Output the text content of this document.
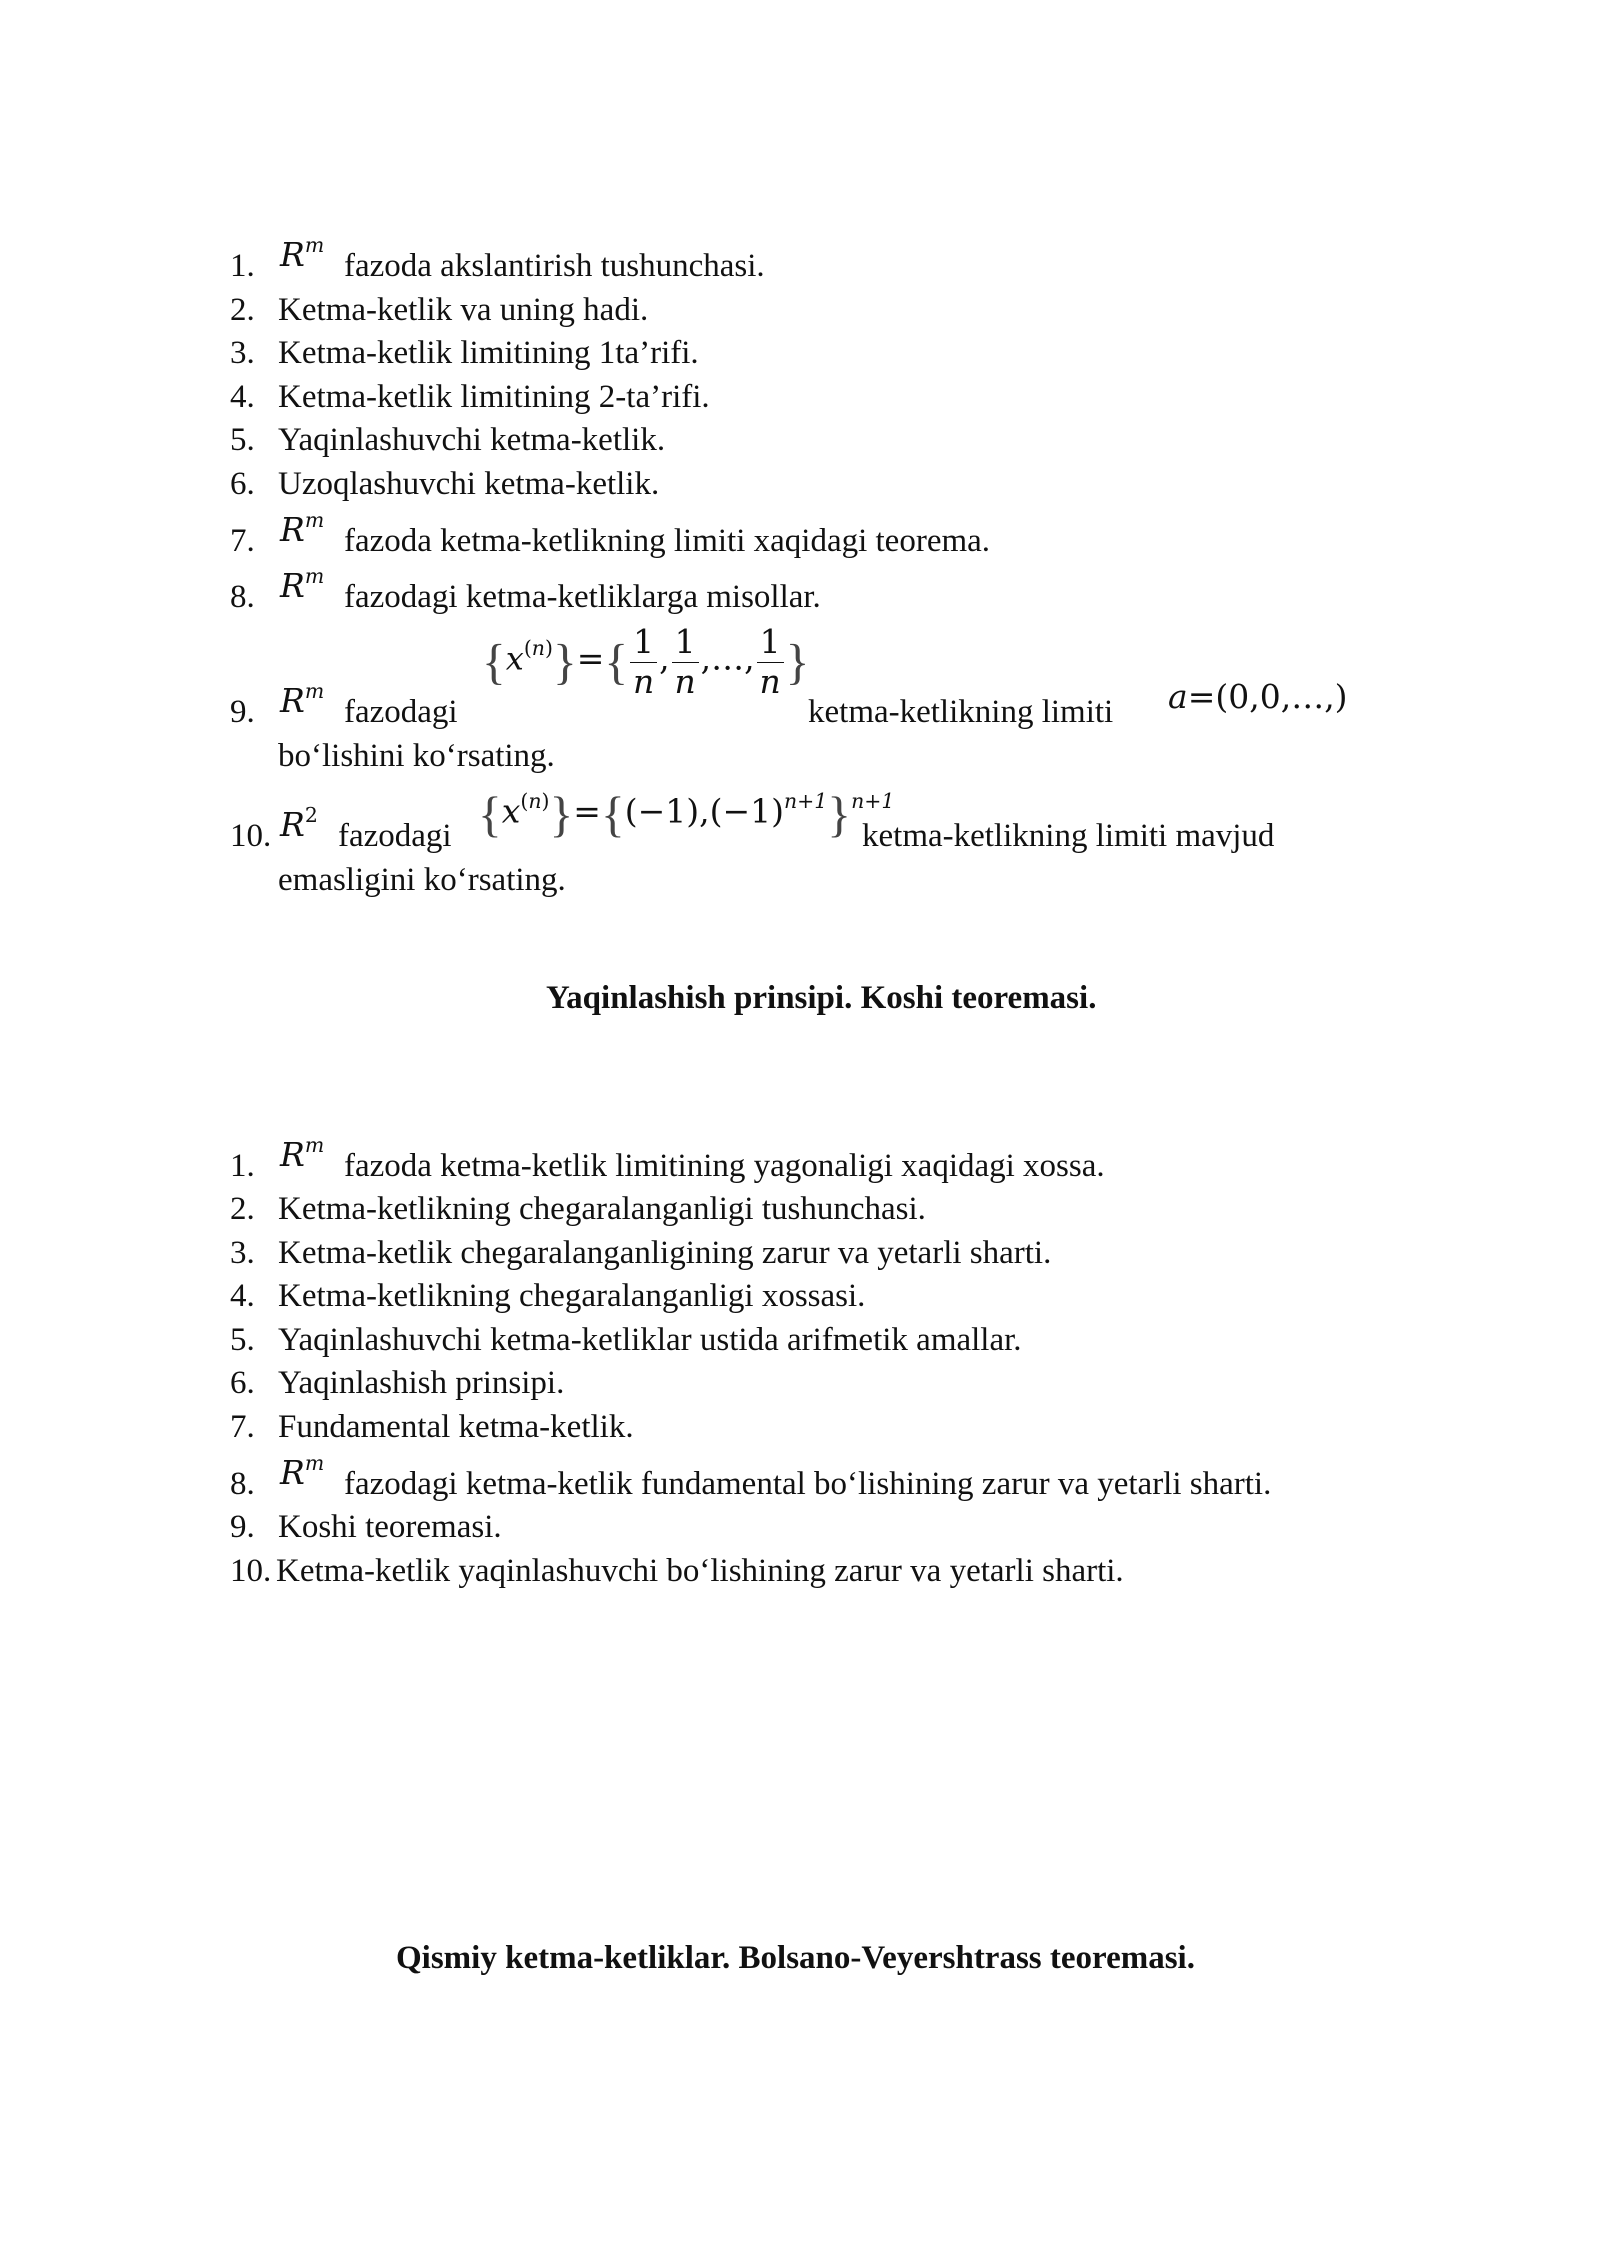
1. $R^m$
fazoda akslantirish tushunchasi.
2. Ketma-ketlik va uning hadi.
3. Ketma-ketlik limitining 1ta’rifi.
4. Ketma-ketlik limitining 2-ta’rifi.
5. Yaqinlashuvchi ketma-ketlik.
6. Uzoqlashuvchi ketma-ketlik.
7. $R^m$
fazoda ketma-ketlikning limiti xaqidagi teorema.
8. $R^m$
fazodagi ketma-ketliklarga misollar.
9. $R^m$
fazodagi
$\{x^{(n)}\}=\{ \frac{1}{n}$ , $\frac{1}{n}$ ,…, $\frac{1}{n}$ }
ketma-ketlikning limiti a=(0,0,…,)
bo‘lishini ko‘rsating.
10. $R^2$
fazodagi $\{x^{(n)}\}=\{(-1),(-1)^{n+1}\}^{n+1}$
ketma-ketlikning limiti mavjud
emasligini ko‘rsating.
Yaqinlashish prinsipi. Koshi teoremasi.
1. $R^m$
fazoda ketma-ketlik limitining yagonaligi xaqidagi xossa.
2. Ketma-ketlikning chegaralanganligi tushunchasi.
3. Ketma-ketlik chegaralanganligining zarur va yetarli sharti.
4. Ketma-ketlikning chegaralanganligi xossasi.
5. Yaqinlashuvchi ketma-ketliklar ustida arifmetik amallar.
6. Yaqinlashish prinsipi.
7. Fundamental ketma-ketlik.
8. $R^m$
fazodagi ketma-ketlik fundamental bo‘lishining zarur va yetarli sharti.
9. Koshi teoremasi.
10. Ketma-ketlik yaqinlashuvchi bo‘lishining zarur va yetarli sharti.
Qismiy ketma-ketliklar. Bolsano-Veyershtrass teoremasi.
